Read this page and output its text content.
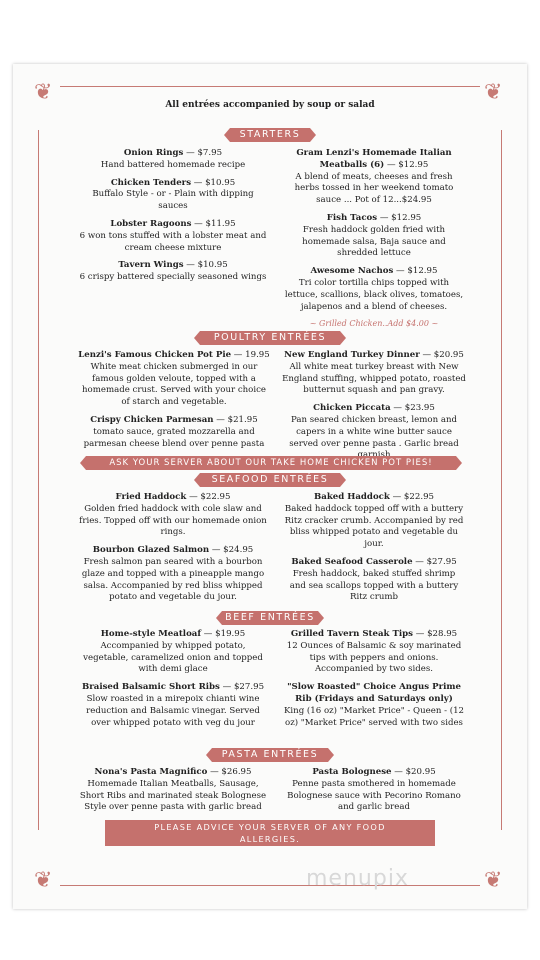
❦	❦
❦	❦
All entrées accompanied by soup or salad
STARTERS
Onion Rings — $7.95
Hand battered homemade recipe
Chicken Tenders — $10.95
Buffalo Style - or - Plain with dipping sauces
Lobster Ragoons — $11.95
6 won tons stuffed with a lobster meat and cream cheese mixture
Tavern Wings — $10.95
6 crispy battered specially seasoned wings
Gram Lenzi's Homemade Italian Meatballs (6) — $12.95
A blend of meats, cheeses and fresh herbs tossed in her weekend tomato sauce ... Pot of 12...$24.95
Fish Tacos — $12.95
Fresh haddock golden fried with homemade salsa, Baja sauce and shredded lettuce
Awesome Nachos — $12.95
Tri color tortilla chips topped with lettuce, scallions, black olives, tomatoes, jalapenos and a blend of cheeses.
~ Grilled Chicken..Add $4.00 ~
POULTRY ENTRÉES
Lenzi's Famous Chicken Pot Pie — 19.95
White meat chicken submerged in our famous golden veloute, topped with a homemade crust. Served with your choice of starch and vegetable.
Crispy Chicken Parmesan — $21.95
tomato sauce, grated mozzarella and parmesan cheese blend over penne pasta
New England Turkey Dinner — $20.95
All white meat turkey breast with New England stuffing, whipped potato, roasted butternut squash and pan gravy.
Chicken Piccata — $23.95
Pan seared chicken breast, lemon and capers in a white wine butter sauce served over penne pasta . Garlic bread
ASK YOUR SERVER ABOUT OUR TAKE HOME CHICKEN POT PIES!
SEAFOOD ENTRÉES
Fried Haddock — $22.95
Golden fried haddock with cole slaw and fries. Topped off with our homemade onion rings.
Bourbon Glazed Salmon — $24.95
Fresh salmon pan seared with a bourbon glaze and topped with a pineapple mango salsa. Accompanied by red bliss whipped potato and vegetable du jour.
Baked Haddock — $22.95
Baked haddock topped off with a buttery Ritz cracker crumb. Accompanied by red bliss whipped potato and vegetable du jour.
Baked Seafood Casserole — $27.95
Fresh haddock, baked stuffed shrimp and sea scallops topped with a buttery Ritz crumb
BEEF ENTRÉES
Home-style Meatloaf — $19.95
Accompanied by whipped potato, vegetable, caramelized onion and topped with demi glace
Braised Balsamic Short Ribs — $27.95
Slow roasted in a mirepoix chianti wine reduction and Balsamic vinegar. Served over whipped potato with veg du jour
Grilled Tavern Steak Tips — $28.95
12 Ounces of Balsamic & soy marinated tips with peppers and onions. Accompanied by two sides.
"Slow Roasted" Choice Angus Prime Rib (Fridays and Saturdays only)
King (16 oz) "Market Price" - Queen - (12 oz) "Market Price" served with two sides
PASTA ENTRÉES
Nona's Pasta Magnifico — $26.95
Homemade Italian Meatballs, Sausage, Short Ribs and marinated steak Bolognese Style over penne pasta with garlic bread
Pasta Bolognese — $20.95
Penne pasta smothered in homemade Bolognese sauce with Pecorino Romano and garlic bread
PLEASE ADVICE YOUR SERVER OF ANY FOOD
ALLERGIES.
menupix
